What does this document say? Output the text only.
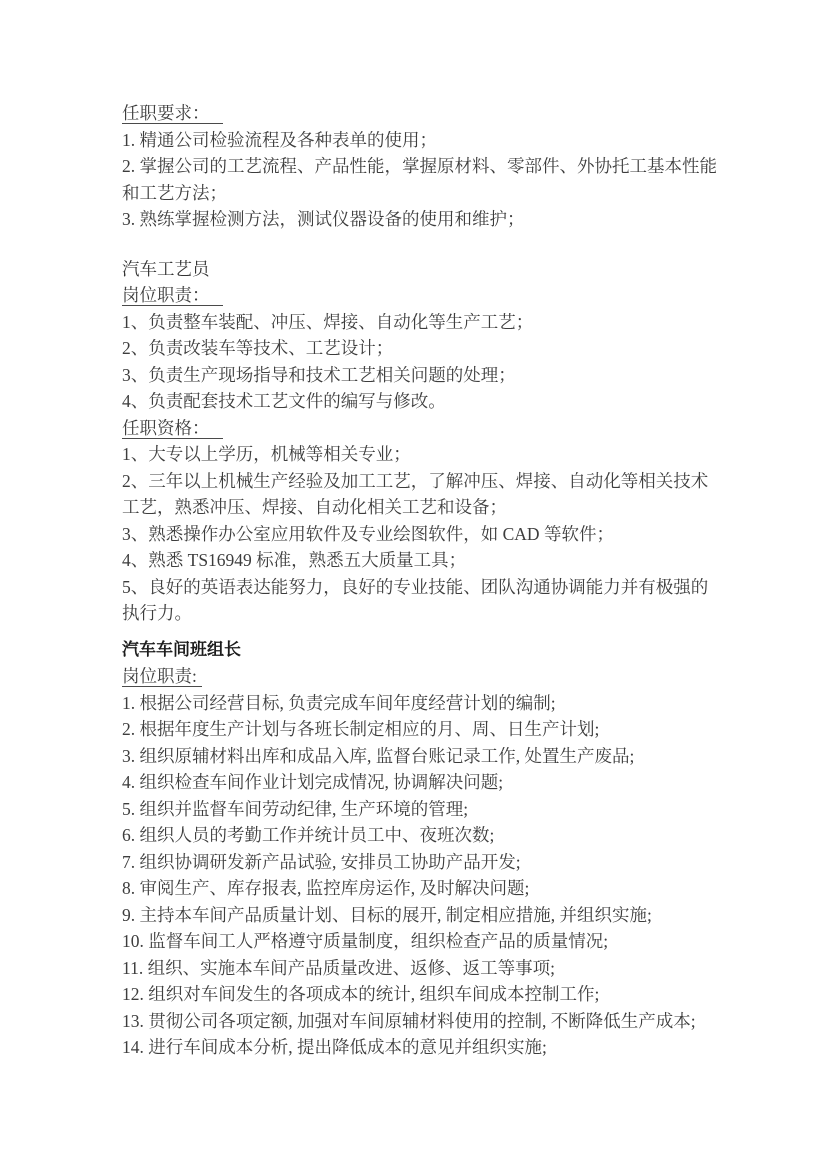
任职要求：

1. 精通公司检验流程及各种表单的使用；

2. 掌握公司的工艺流程、产品性能，掌握原材料、零部件、外协托工基本性能和工艺方法；

3. 熟练掌握检测方法，测试仪器设备的使用和维护；

汽车工艺员

岗位职责：

1、负责整车装配、冲压、焊接、自动化等生产工艺；

2、负责改装车等技术、工艺设计；

3、负责生产现场指导和技术工艺相关问题的处理；

4、负责配套技术工艺文件的编写与修改。

任职资格：

1、大专以上学历，机械等相关专业；

2、三年以上机械生产经验及加工工艺，了解冲压、焊接、自动化等相关技术工艺，熟悉冲压、焊接、自动化相关工艺和设备；

3、熟悉操作办公室应用软件及专业绘图软件，如 CAD 等软件；

4、熟悉 TS16949 标准，熟悉五大质量工具；

5、良好的英语表达能努力，良好的专业技能、团队沟通协调能力并有极强的执行力。

汽车车间班组长

岗位职责:

1. 根据公司经营目标, 负责完成车间年度经营计划的编制;

2. 根据年度生产计划与各班长制定相应的月、周、日生产计划;

3. 组织原辅材料出库和成品入库, 监督台账记录工作, 处置生产废品;

4. 组织检查车间作业计划完成情况, 协调解决问题;

5. 组织并监督车间劳动纪律, 生产环境的管理;

6. 组织人员的考勤工作并统计员工中、夜班次数;

7. 组织协调研发新产品试验, 安排员工协助产品开发;

8. 审阅生产、库存报表, 监控库房运作, 及时解决问题;

9. 主持本车间产品质量计划、目标的展开, 制定相应措施, 并组织实施;

10. 监督车间工人严格遵守质量制度，组织检查产品的质量情况;

11. 组织、实施本车间产品质量改进、返修、返工等事项;

12. 组织对车间发生的各项成本的统计, 组织车间成本控制工作;

13. 贯彻公司各项定额, 加强对车间原辅材料使用的控制, 不断降低生产成本;

14. 进行车间成本分析, 提出降低成本的意见并组织实施;
